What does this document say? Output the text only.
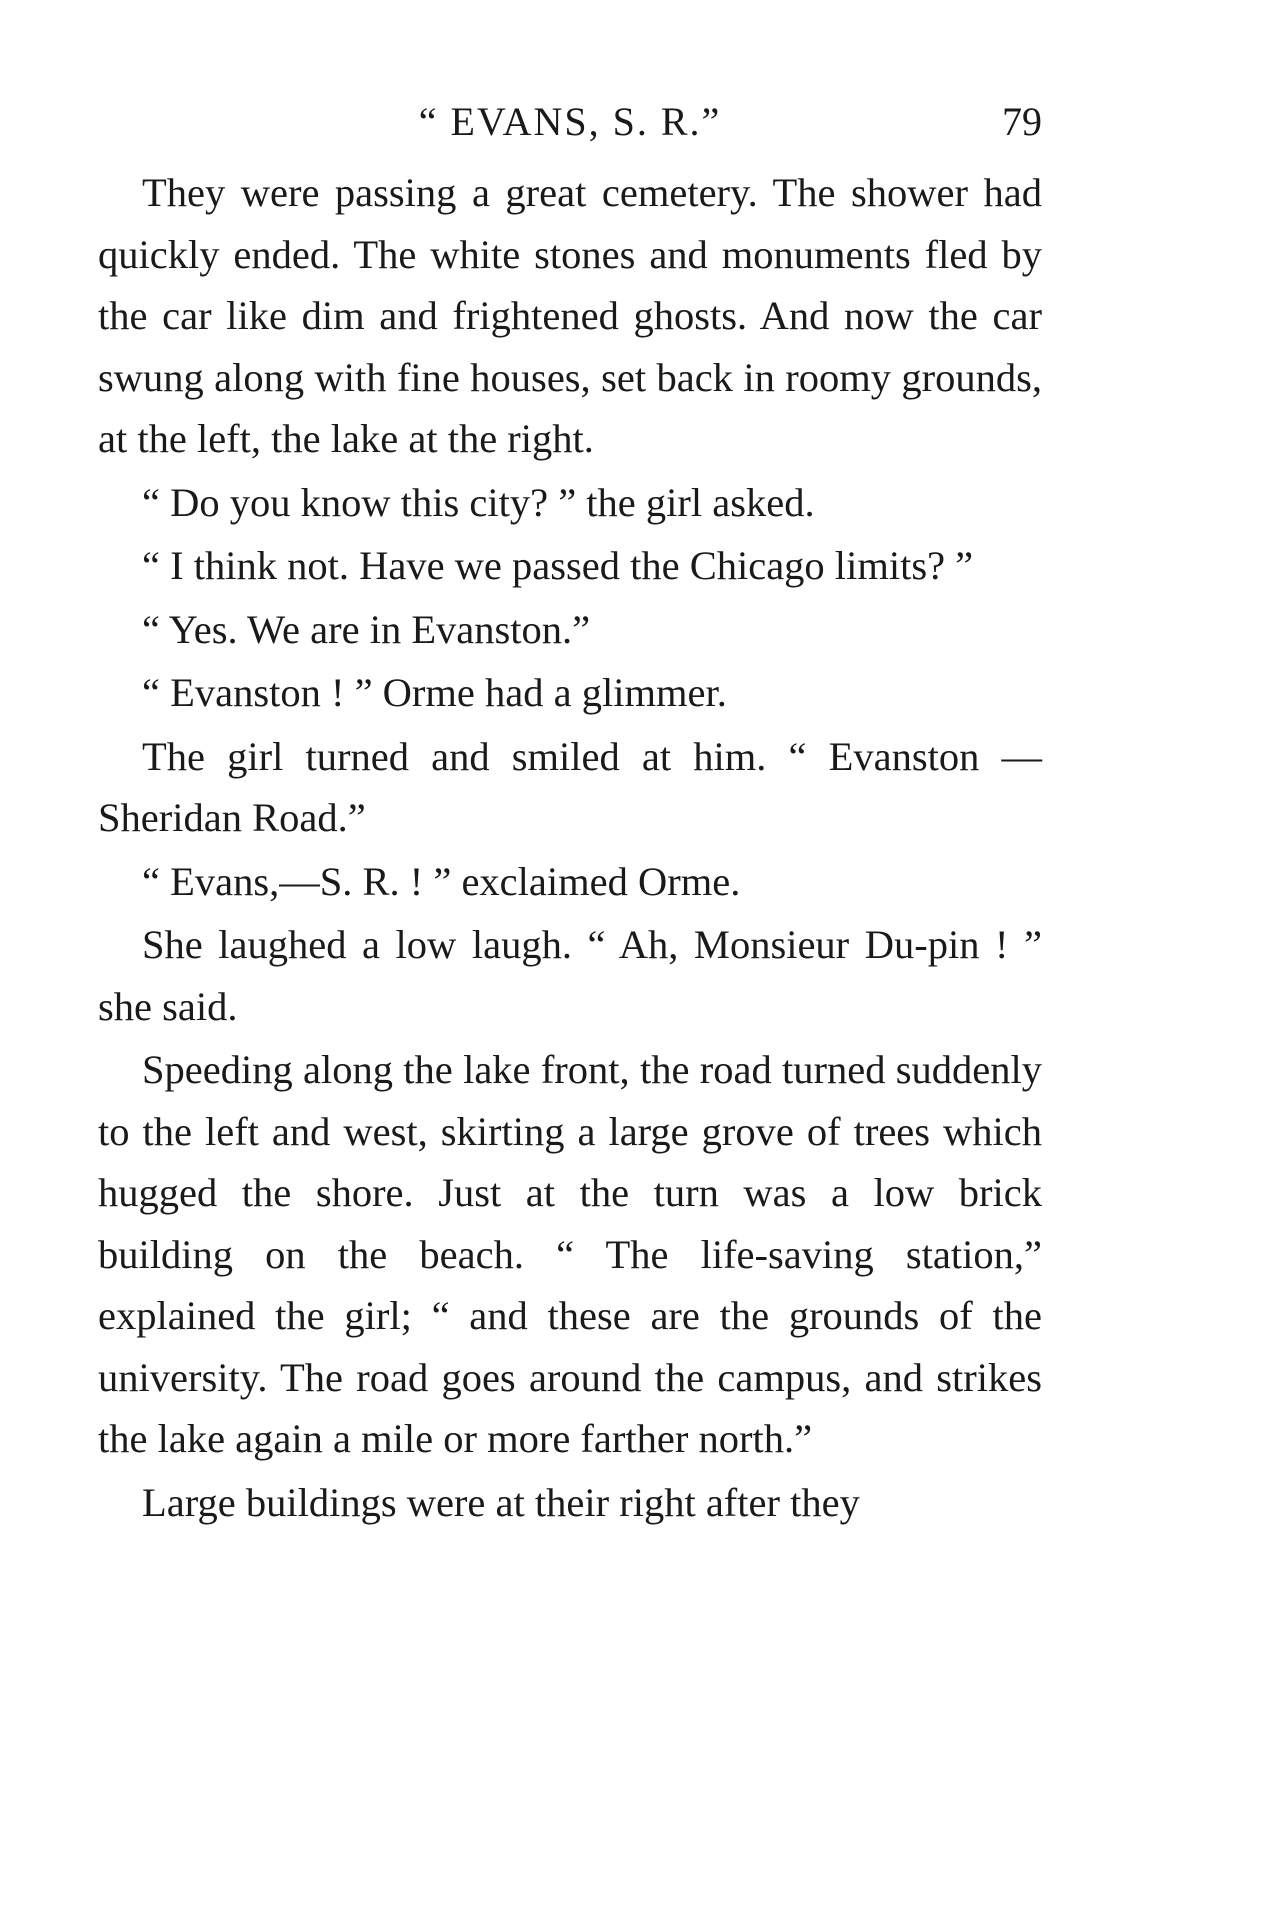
“ EVANS, S. R.”	79

They were passing a great cemetery. The shower had quickly ended. The white stones and monuments fled by the car like dim and frightened ghosts. And now the car swung along with fine houses, set back in roomy grounds, at the left, the lake at the right.

“ Do you know this city? ” the girl asked.

“ I think not. Have we passed the Chicago limits? ”

“ Yes. We are in Evanston.”

“ Evanston ! ” Orme had a glimmer.

The girl turned and smiled at him. “ Evanston —Sheridan Road.”

“ Evans,—S. R. ! ” exclaimed Orme.

She laughed a low laugh. “ Ah, Monsieur Du-pin ! ” she said.

Speeding along the lake front, the road turned suddenly to the left and west, skirting a large grove of trees which hugged the shore. Just at the turn was a low brick building on the beach. “ The life-saving station,” explained the girl; “ and these are the grounds of the university. The road goes around the campus, and strikes the lake again a mile or more farther north.”

Large buildings were at their right after they
